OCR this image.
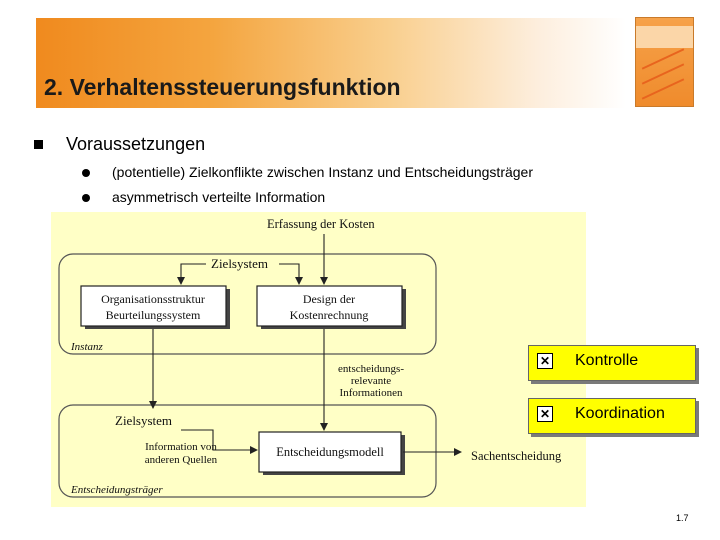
2. Verhaltenssteuerungsfunktion
Voraussetzungen
(potentielle) Zielkonflikte zwischen Instanz und Entscheidungsträger
asymmetrisch verteilte Information
Erfassung der Kosten
Zielsystem
Organisationsstruktur
Beurteilungssystem
Design der
Kostenrechnung
Instanz
entscheidungs-
relevante
Informationen
Zielsystem
Information von
anderen Quellen
Entscheidungsmodell	Sachentscheidung
Entscheidungsträger
✕ Kontrolle
✕ Koordination
1.7
